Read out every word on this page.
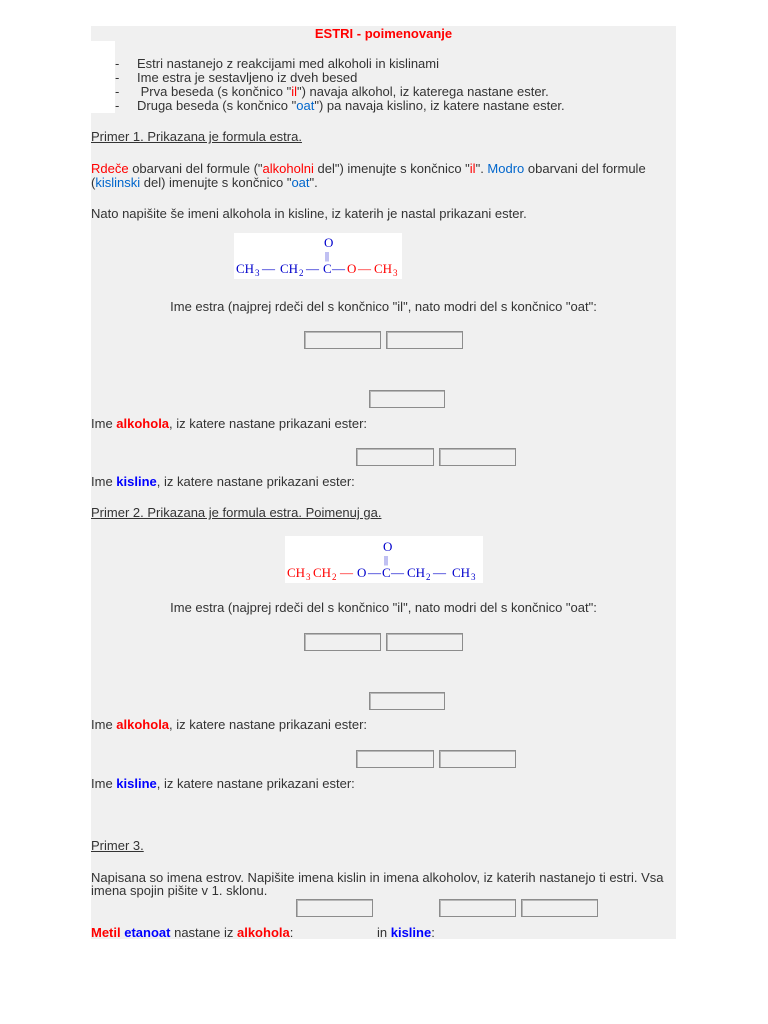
ESTRI - poimenovanje
- Estri nastanejo z reakcijami med alkoholi in kislinami
- Ime estra je sestavljeno iz dveh besed
- Prva beseda (s končnico "il") navaja alkohol, iz katerega nastane ester.
- Druga beseda (s končnico "oat") pa navaja kislino, iz katere nastane ester.
Primer 1. Prikazana je formula estra.
Rdeče obarvani del formule ("alkoholni del") imenujte s končnico "il". Modro obarvani del formule
(kislinski del) imenujte s končnico "oat".
Nato napišite še imeni alkohola in kisline, iz katerih je nastal prikazani ester.
O
||
CH 3 — CH 2 — C — O — CH 3
Ime estra (najprej rdeči del s končnico "il", nato modri del s končnico "oat":
Ime alkohola, iz katere nastane prikazani ester:
Ime kisline, iz katere nastane prikazani ester:
Primer 2. Prikazana je formula estra. Poimenuj ga.
O
||
CH 3 CH 2 — O — C — CH 2 — CH 3
Ime estra (najprej rdeči del s končnico "il", nato modri del s končnico "oat":
Ime alkohola, iz katere nastane prikazani ester:
Ime kisline, iz katere nastane prikazani ester:
Primer 3.
Napisana so imena estrov. Napišite imena kislin in imena alkoholov, iz katerih nastanejo ti estri. Vsa
imena spojin pišite v 1. sklonu.
Metil etanoat nastane iz alkohola:	in kisline:
